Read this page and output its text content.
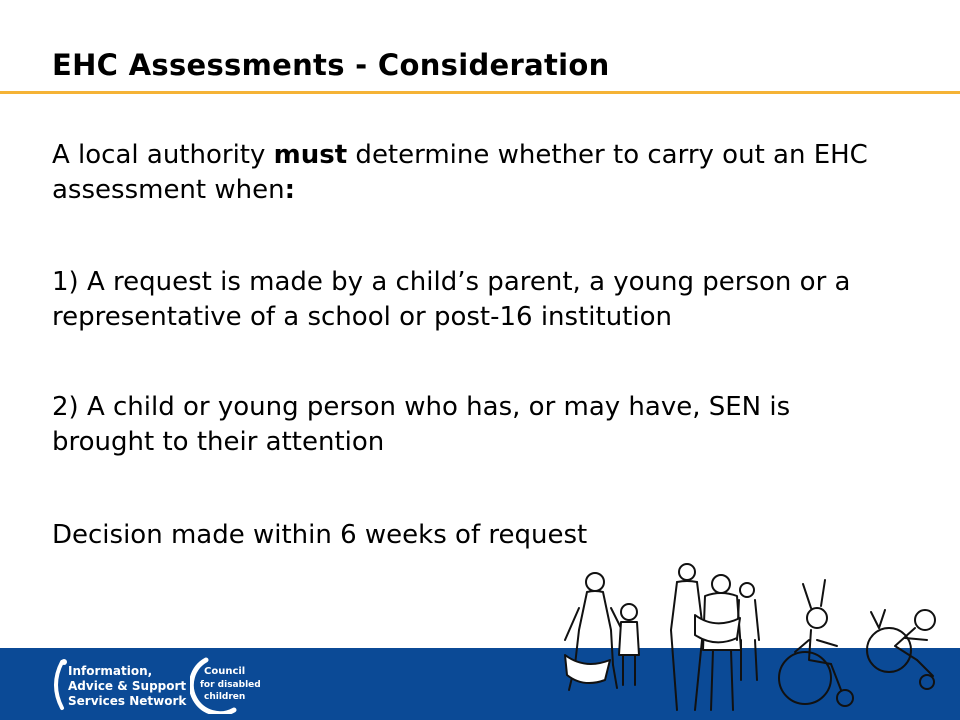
EHC Assessments - Consideration

A local authority must determine whether to carry out an EHC assessment when:

1) A request is made by a child’s parent, a young person or a representative of a school or post-16 institution

2) A child or young person who has, or may have, SEN is brought to their attention

Decision made within 6 weeks of request

Information,
Advice & Support
Services Network
Council
for disabled
children
